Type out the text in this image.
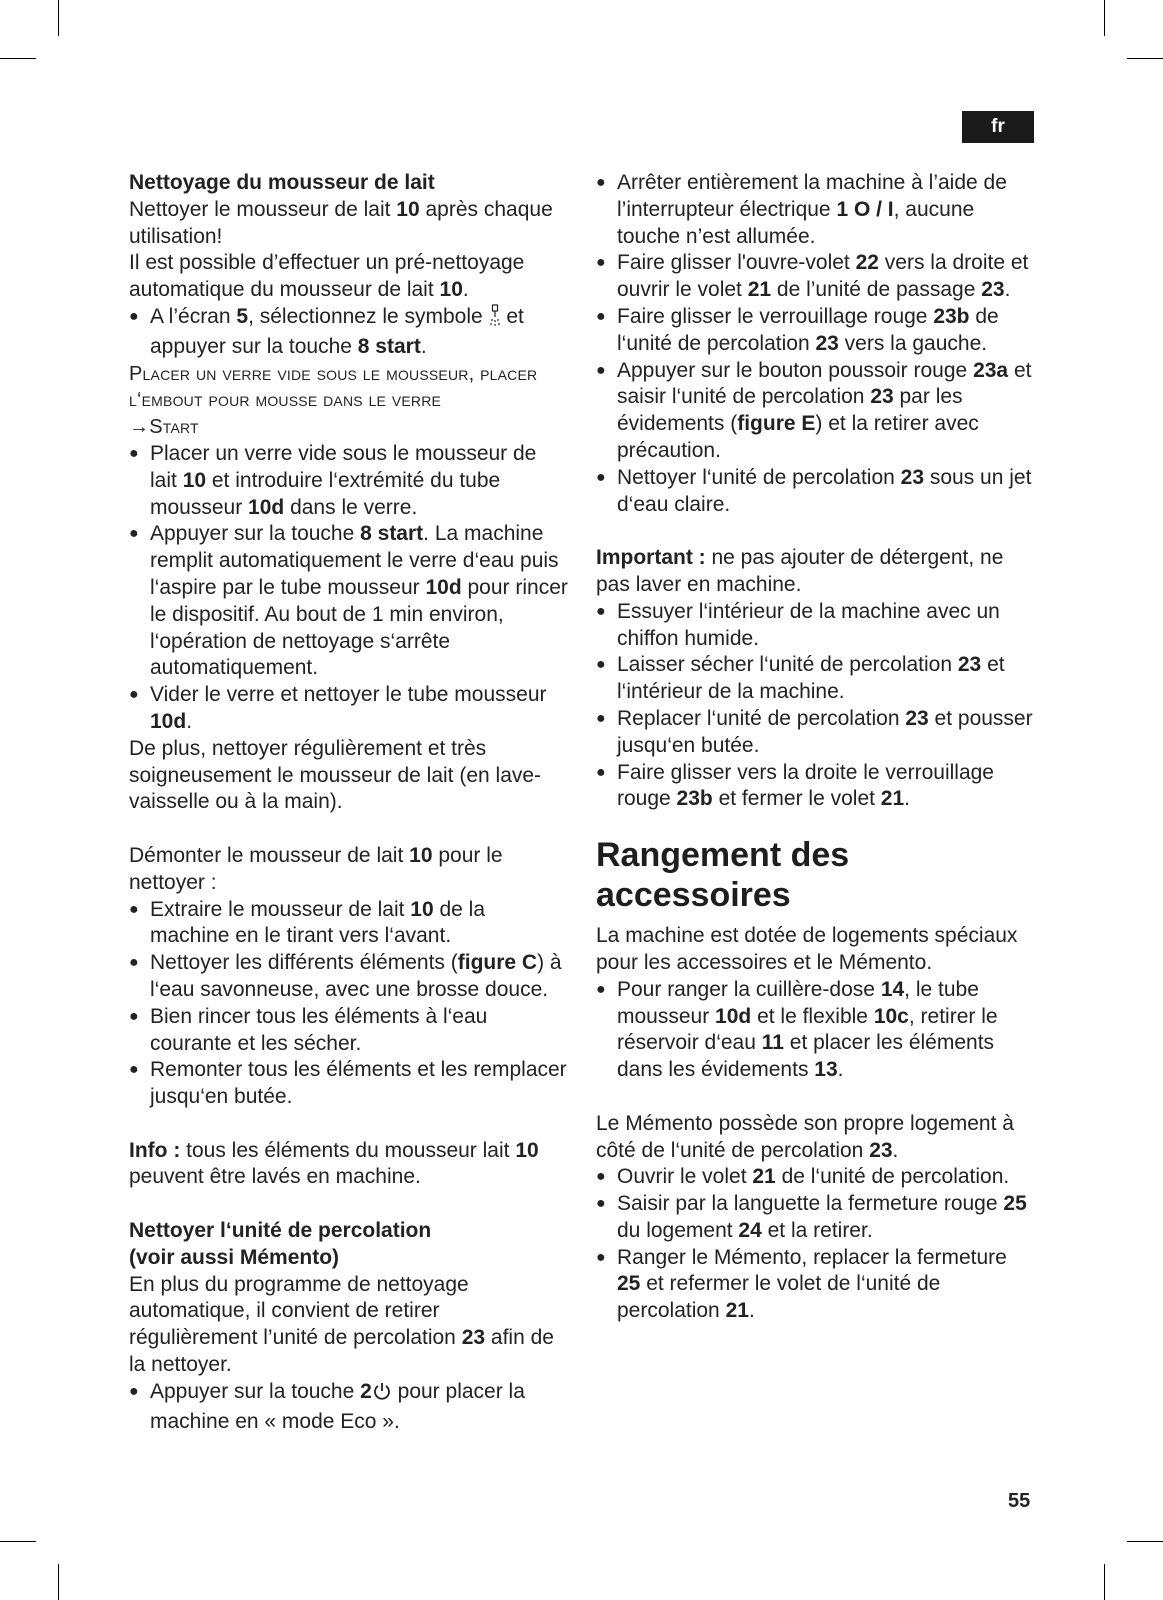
fr

Nettoyage du mousseur de lait

Nettoyer le mousseur de lait 10 après chaque utilisation!

Il est possible d’effectuer un pré-nettoyage automatique du mousseur de lait 10.

● A l’écran 5, sélectionnez le symbole  et appuyer sur la touche 8 start.

Placer un verre vide sous le mousseur, placer l‘embout pour mousse dans le verre

→Start

● Placer un verre vide sous le mousseur de lait 10 et introduire l‘extrémité du tube mousseur 10d dans le verre.
● Appuyer sur la touche 8 start. La machine remplit automatiquement le verre d‘eau puis l‘aspire par le tube mousseur 10d pour rincer le dispositif. Au bout de 1 min environ, l‘opération de nettoyage s‘arrête automatiquement.
● Vider le verre et nettoyer le tube mousseur 10d.

De plus, nettoyer régulièrement et très soigneusement le mousseur de lait (en lave-vaisselle ou à la main).

Démonter le mousseur de lait 10 pour le nettoyer :

● Extraire le mousseur de lait 10 de la machine en le tirant vers l‘avant.
● Nettoyer les différents éléments (figure C) à l‘eau savonneuse, avec une brosse douce.
● Bien rincer tous les éléments à l‘eau courante et les sécher.
● Remonter tous les éléments et les remplacer jusqu‘en butée.

Info : tous les éléments du mousseur lait 10 peuvent être lavés en machine.

Nettoyer l‘unité de percolation

(voir aussi Mémento)

En plus du programme de nettoyage automatique, il convient de retirer régulièrement l’unité de percolation 23 afin de la nettoyer.

● Appuyer sur la touche 2 pour placer la machine en « mode Eco ».
● Arrêter entièrement la machine à l’aide de l’interrupteur électrique 1 O / I, aucune touche n’est allumée.
● Faire glisser l'ouvre-volet 22 vers la droite et ouvrir le volet 21 de l’unité de passage 23.
● Faire glisser le verrouillage rouge 23b de l‘unité de percolation 23 vers la gauche.
● Appuyer sur le bouton poussoir rouge 23a et saisir l‘unité de percolation 23 par les évidements (figure E) et la retirer avec précaution.
● Nettoyer l‘unité de percolation 23 sous un jet d‘eau claire.

Important : ne pas ajouter de détergent, ne pas laver en machine.

● Essuyer l‘intérieur de la machine avec un chiffon humide.
● Laisser sécher l‘unité de percolation 23 et l‘intérieur de la machine.
● Replacer l‘unité de percolation 23 et pousser jusqu‘en butée.
● Faire glisser vers la droite le verrouillage rouge 23b et fermer le volet 21.
Rangement des accessoires

La machine est dotée de logements spéciaux pour les accessoires et le Mémento.

● Pour ranger la cuillère-dose 14, le tube mousseur 10d et le flexible 10c, retirer le réservoir d‘eau 11 et placer les éléments dans les évidements 13.

Le Mémento possède son propre logement à côté de l‘unité de percolation 23.

● Ouvrir le volet 21 de l‘unité de percolation.
● Saisir par la languette la fermeture rouge 25 du logement 24 et la retirer.
● Ranger le Mémento, replacer la fermeture 25 et refermer le volet de l‘unité de percolation 21.
55
